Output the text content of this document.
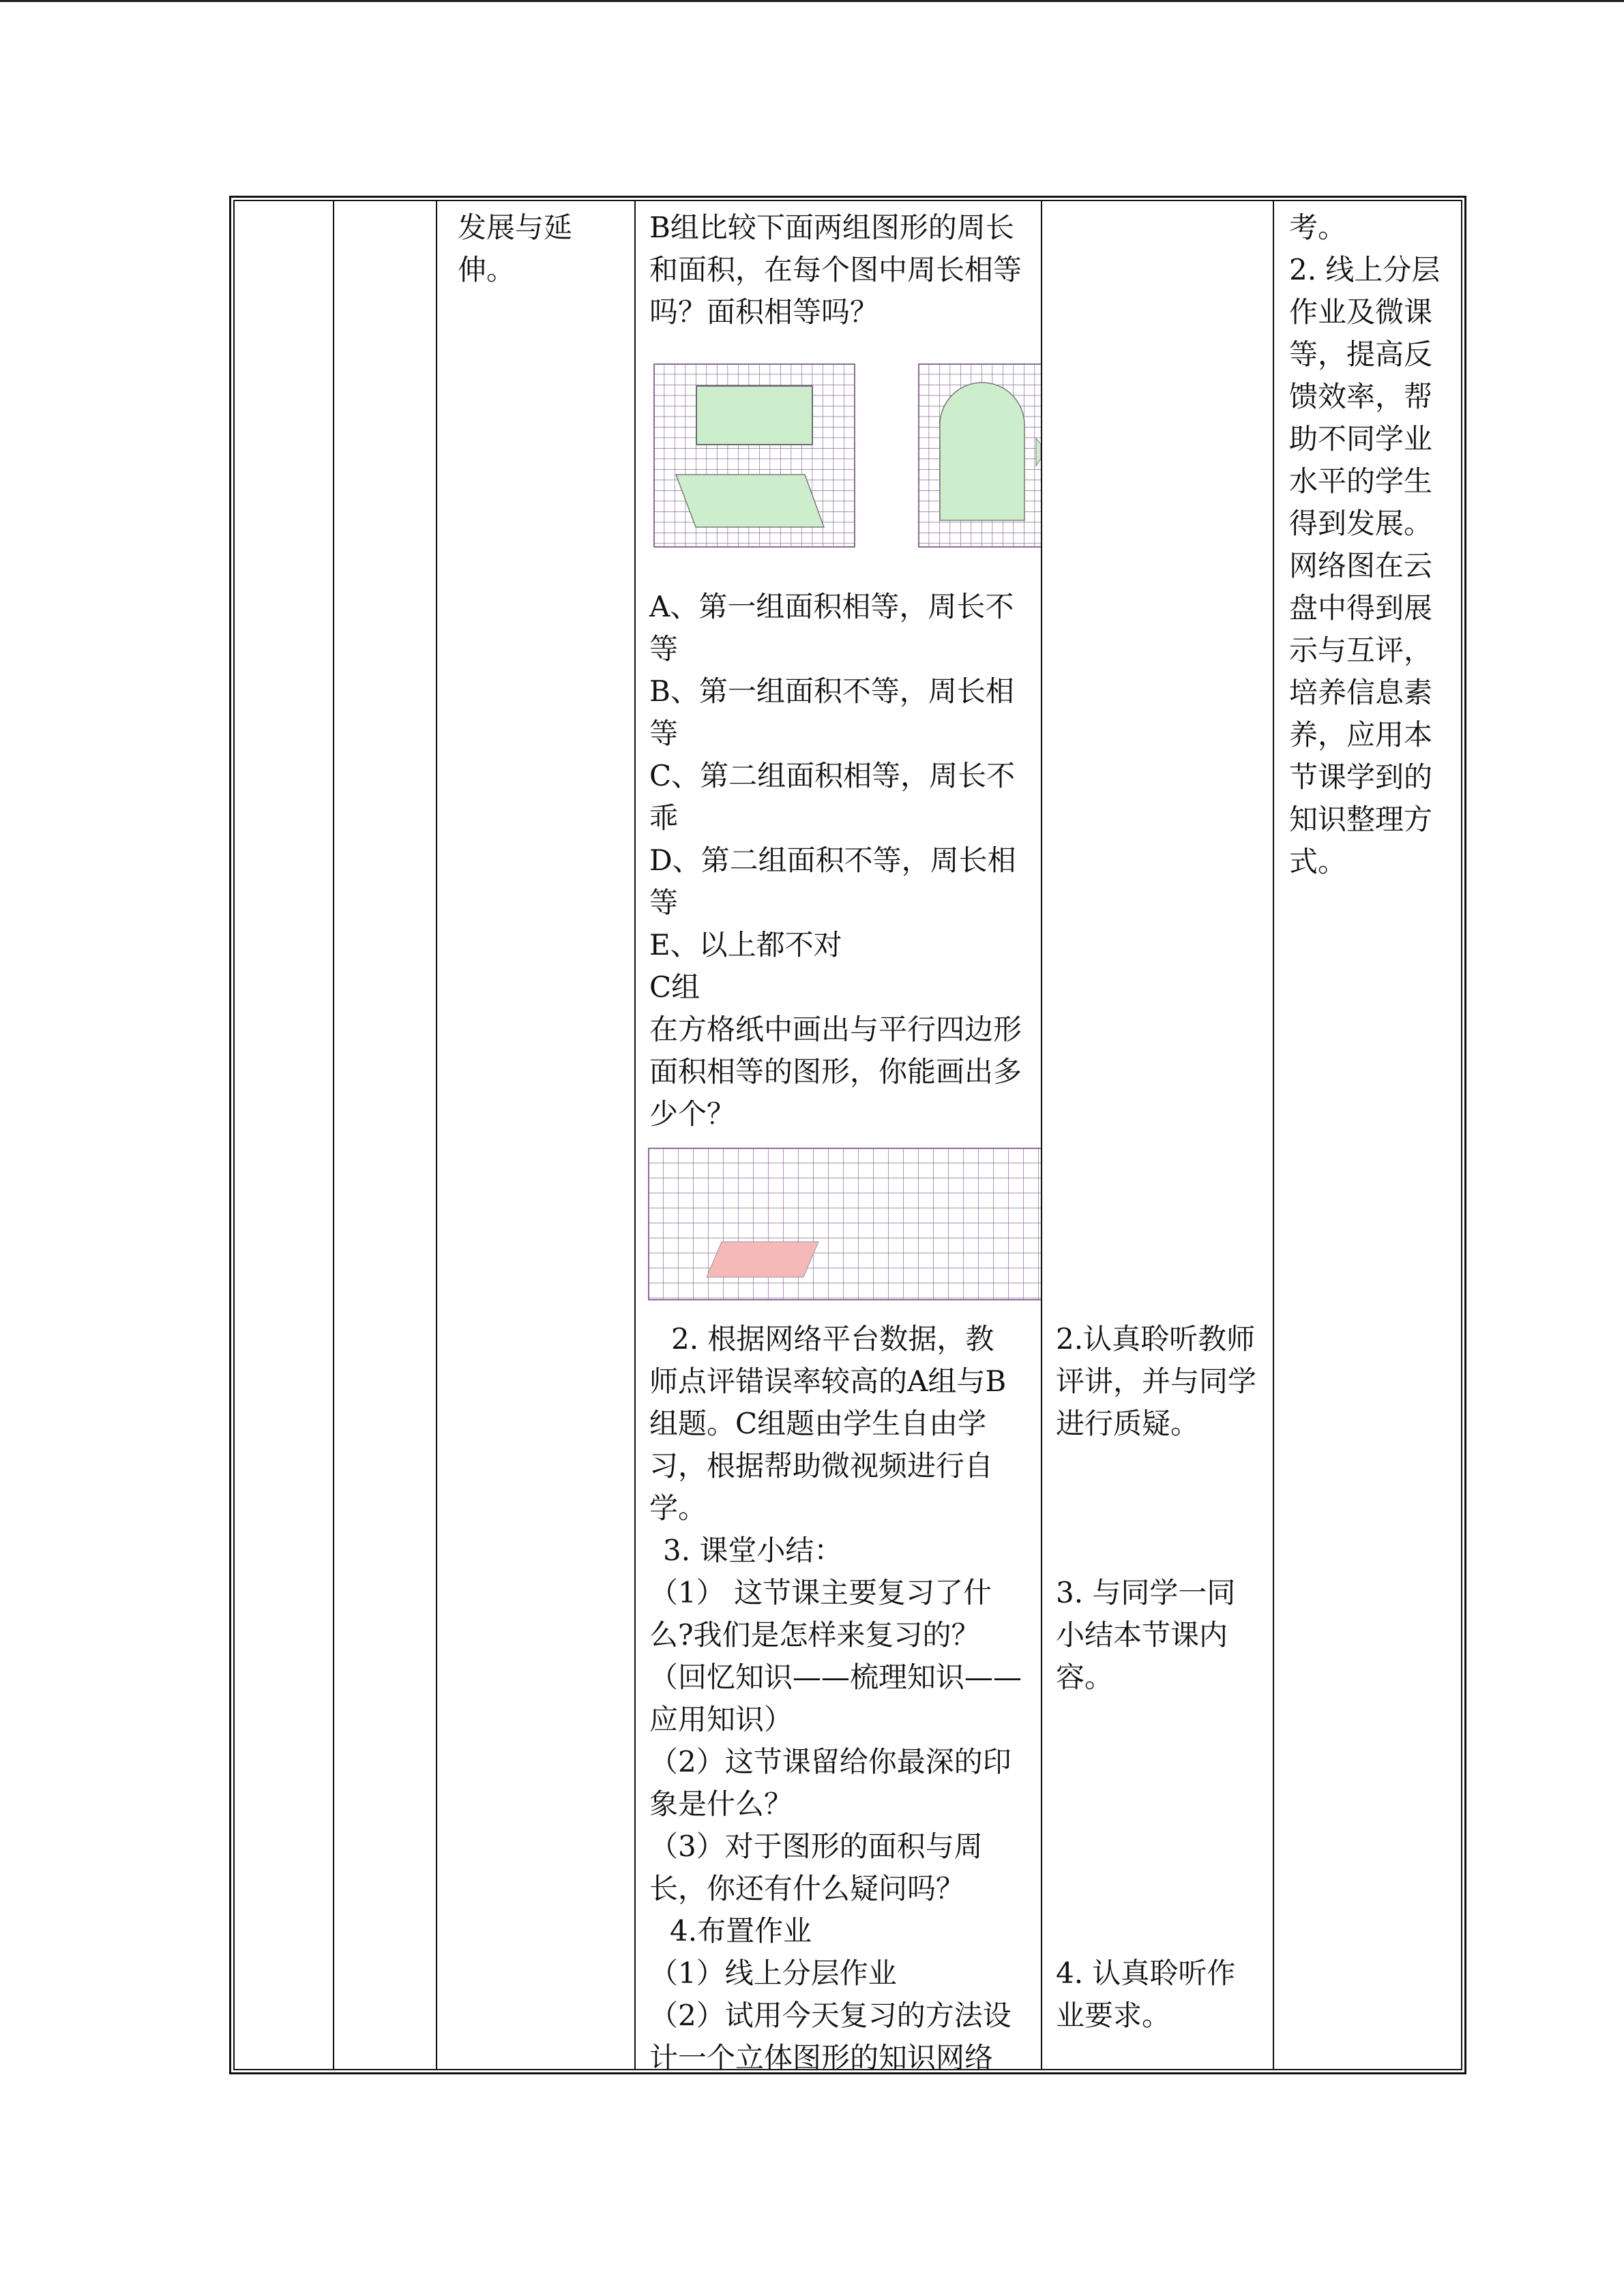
发展与延
伸。
B组比较下面两组图形的周长
和面积，在每个图中周长相等
吗？面积相等吗？
A、第一组面积相等，周长不
等
B、第一组面积不等，周长相
等
C、第二组面积相等，周长不
乖
D、第二组面积不等，周长相
等
E、以上都不对
C组
在方格纸中画出与平行四边形
面积相等的图形，你能画出多
少个？
2. 根据网络平台数据，教
师点评错误率较高的A组与B
组题。C组题由学生自由学
习，根据帮助微视频进行自
学。
3. 课堂小结：
（1） 这节课主要复习了什
么?我们是怎样来复习的？
（回忆知识——梳理知识——
应用知识）
（2）这节课留给你最深的印
象是什么？
（3）对于图形的面积与周
长，你还有什么疑问吗？
4.布置作业
（1）线上分层作业
（2）试用今天复习的方法设
计一个立体图形的知识网络
2.认真聆听教师
评讲，并与同学
进行质疑。
3. 与同学一同
小结本节课内
容。
4. 认真聆听作
业要求。
考。
2. 线上分层
作业及微课
等，提高反
馈效率，帮
助不同学业
水平的学生
得到发展。
网络图在云
盘中得到展
示与互评，
培养信息素
养，应用本
节课学到的
知识整理方
式。
